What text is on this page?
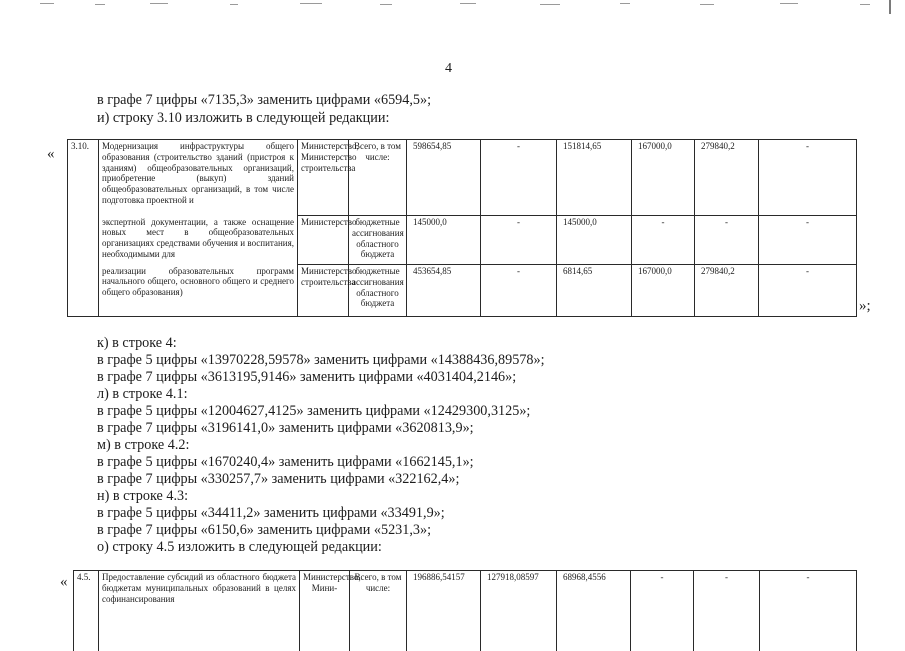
4
в графе 7 цифры «7135,3» заменить цифрами «6594,5»;
и) строку 3.10 изложить в следующей редакции:
« 3.10.	Модернизация инфраструктуры общего образования (строительство зданий (пристроя к зданиям) общеобразовательных организаций, приобретение (выкуп) зданий общеобразовательных организаций, в том числе подготовка проектной и	Министерство, Министерство строительства	Всего, в том числе:	598654,85	-	151814,65	167000,0	279840,2	-
	экспертной документации, а также оснащение новых мест в общеобразовательных организациях средствами обучения и воспитания, необходимыми для	Министерство	бюджетные ассигнования областного бюджета	145000,0	-	145000,0	-	-	-
	реализации образовательных программ начального общего, основного общего и среднего общего образования)	Министерство строительства	бюджетные ассигнования областного бюджета	453654,85	-	6814,65	167000,0	279840,2	-
»;
к) в строке 4:
в графе 5 цифры «13970228,59578» заменить цифрами «14388436,89578»;
в графе 7 цифры «3613195,9146» заменить цифрами «4031404,2146»;
л) в строке 4.1:
в графе 5 цифры «12004627,4125» заменить цифрами «12429300,3125»;
в графе 7 цифры «3196141,0» заменить цифрами «3620813,9»;
м) в строке 4.2:
в графе 5 цифры «1670240,4» заменить цифрами «1662145,1»;
в графе 7 цифры «330257,7» заменить цифрами «322162,4»;
н) в строке 4.3:
в графе 5 цифры «34411,2» заменить цифрами «33491,9»;
в графе 7 цифры «6150,6» заменить цифрами «5231,3»;
о) строку 4.5 изложить в следующей редакции:
« 4.5.	Предоставление субсидий из областного бюджета бюджетам муниципальных образований в целях софинансирования	Министерство, Мини-	Всего, в том числе:	196886,54157	127918,08597	68968,4556	-	-	-
